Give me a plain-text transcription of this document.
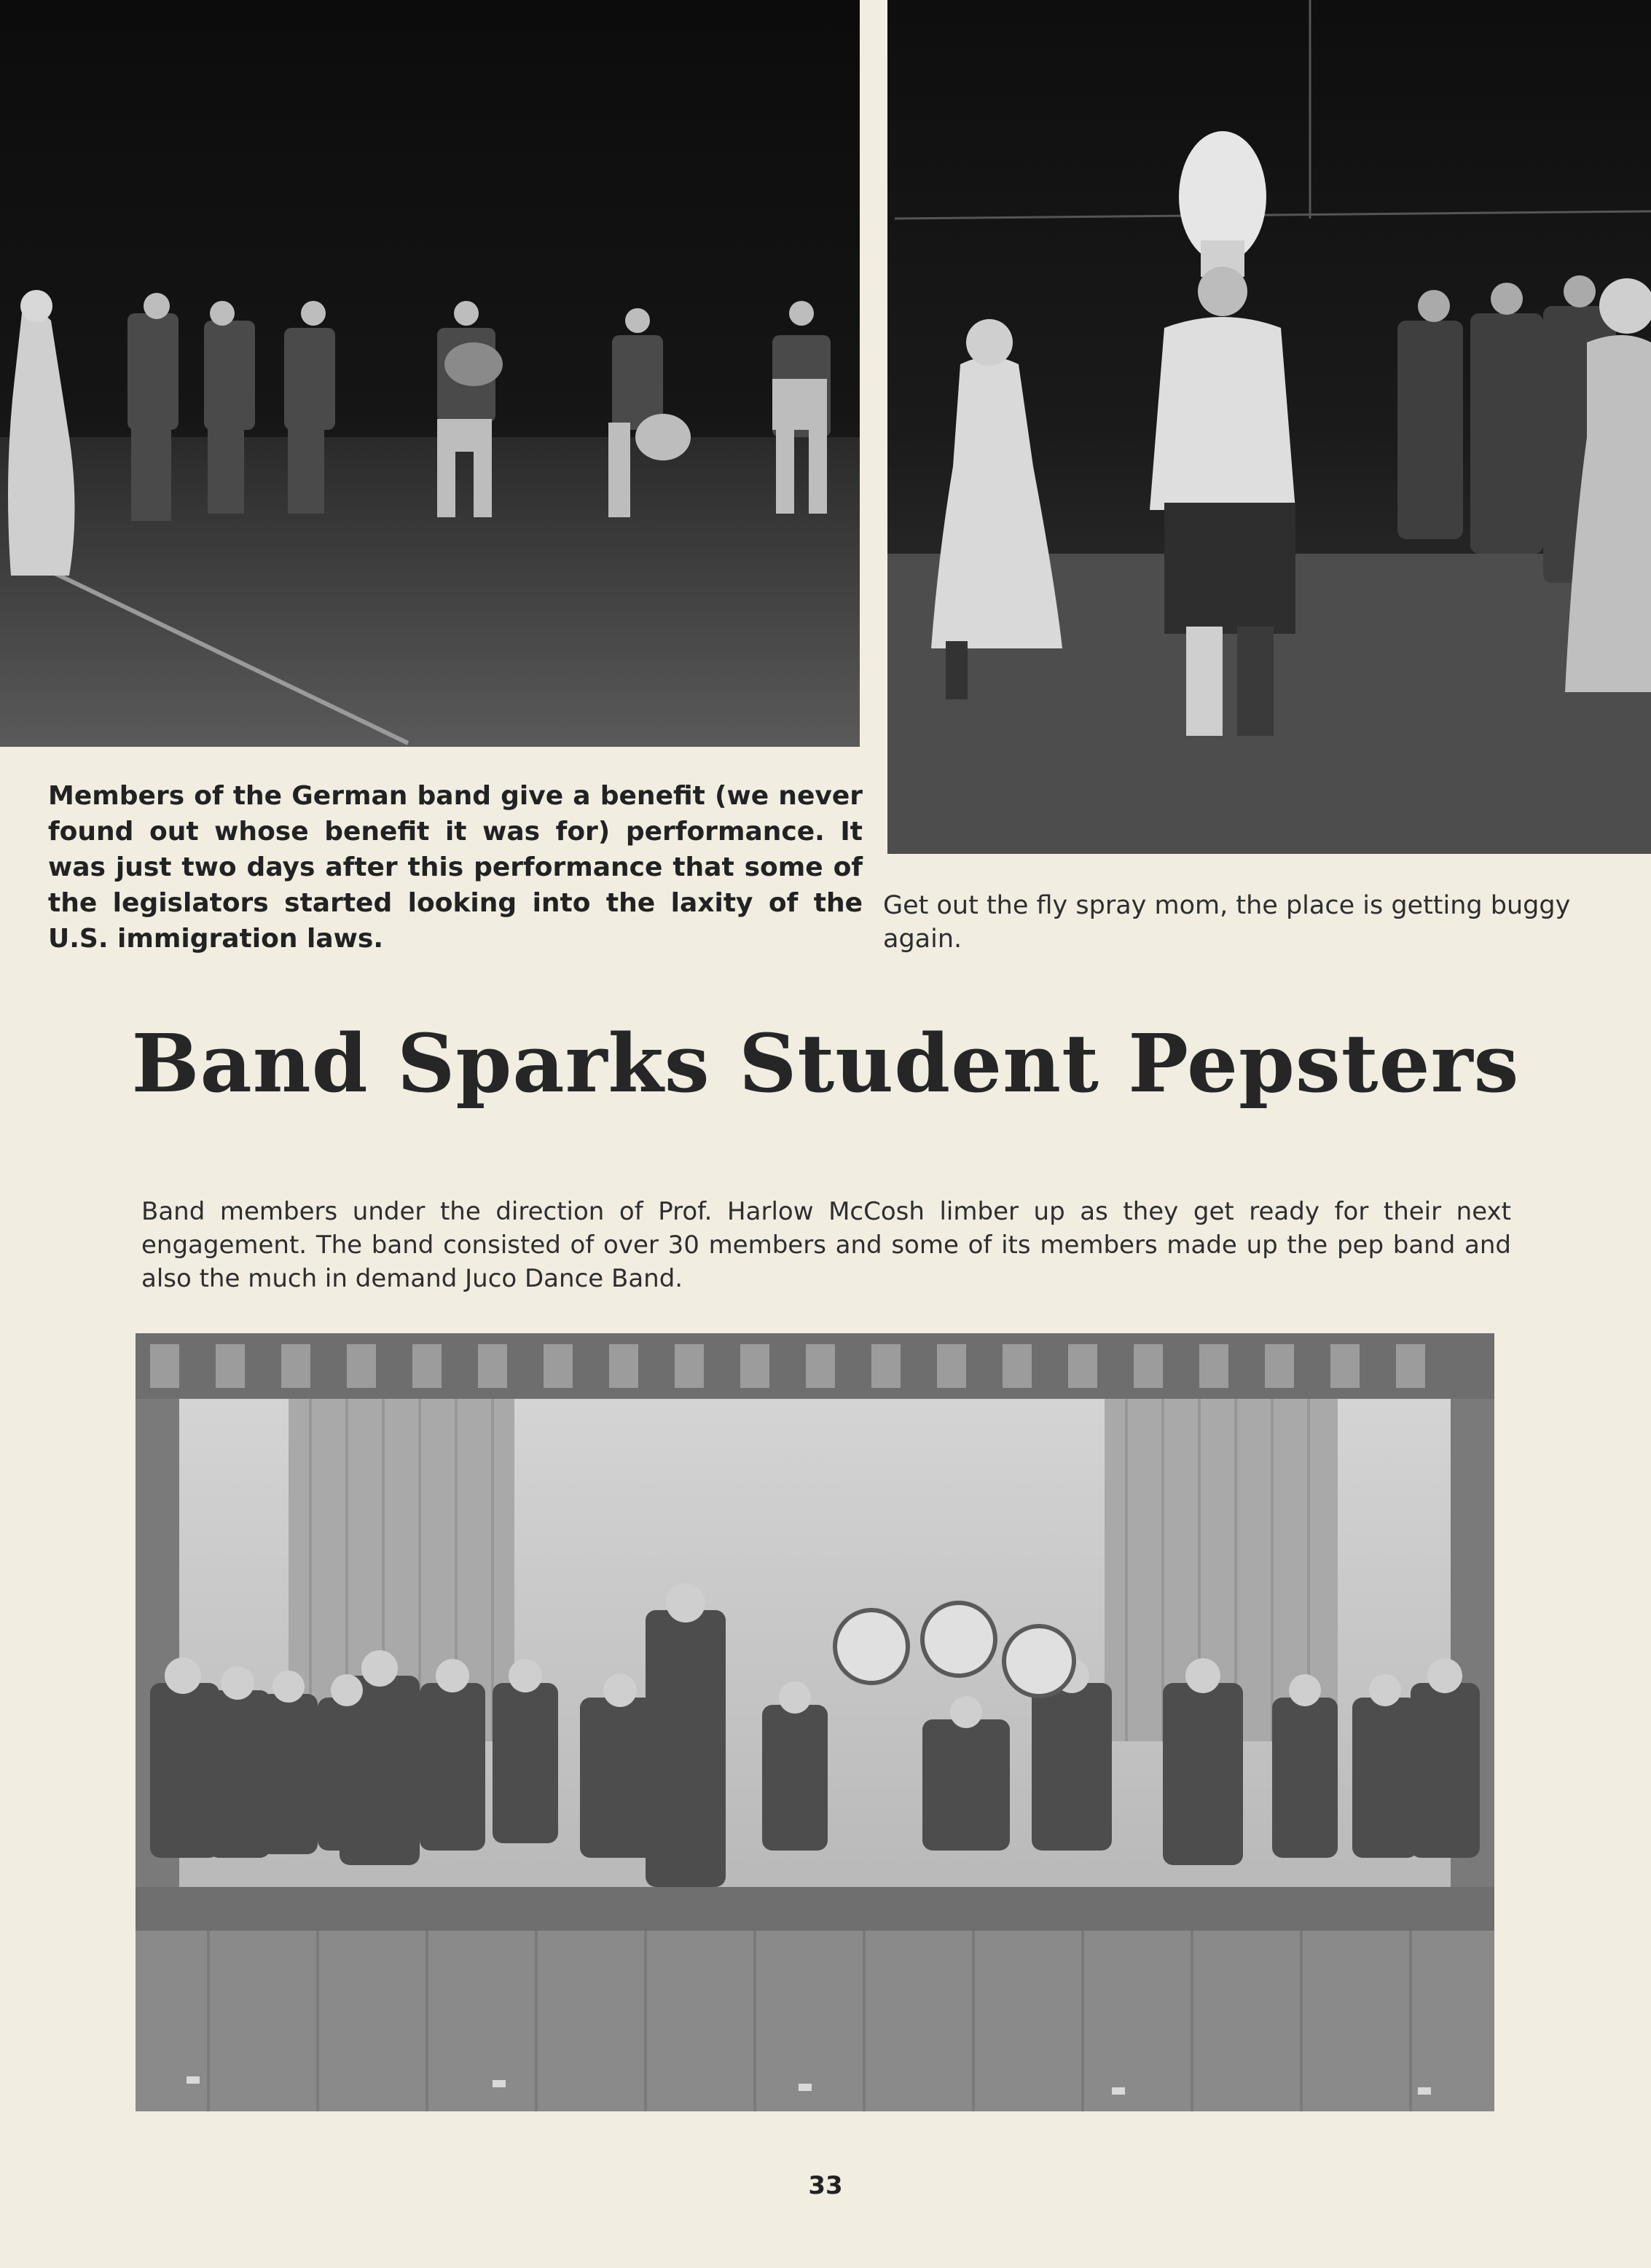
Members of the German band give a benefit (we never found out whose benefit it was for) performance. It was just two days after this performance that some of the legislators started looking into the laxity of the U.S. immigration laws.

Get out the fly spray mom, the place is getting buggy again.

Band Sparks Student Pepsters

Band members under the direction of Prof. Harlow McCosh limber up as they get ready for their next engagement. The band consisted of over 30 members and some of its members made up the pep band and also the much in demand Juco Dance Band.

33
